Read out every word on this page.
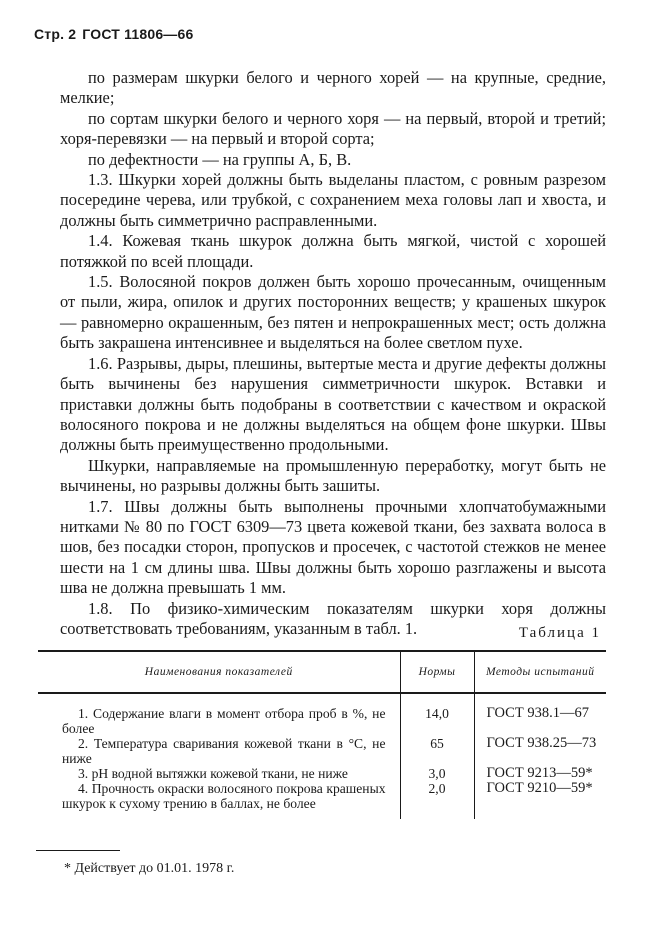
Стр. 2 ГОСТ 11806—66

по размерам шкурки белого и черного хорей — на крупные, средние, мелкие;

по сортам шкурки белого и черного хоря — на первый, второй и третий; хоря-перевязки — на первый и второй сорта;

по дефектности — на группы А, Б, В.

1.3. Шкурки хорей должны быть выделаны пластом, с ровным разрезом посередине черева, или трубкой, с сохранением меха головы лап и хвоста, и должны быть симметрично расправленными.

1.4. Кожевая ткань шкурок должна быть мягкой, чистой с хорошей потяжкой по всей площади.

1.5. Волосяной покров должен быть хорошо прочесанным, очищенным от пыли, жира, опилок и других посторонних веществ; у крашеных шкурок — равномерно окрашенным, без пятен и непрокрашенных мест; ость должна быть закрашена интенсивнее и выделяться на более светлом пухе.

1.6. Разрывы, дыры, плешины, вытертые места и другие дефекты должны быть вычинены без нарушения симметричности шкурок. Вставки и приставки должны быть подобраны в соответствии с качеством и окраской волосяного покрова и не должны выделяться на общем фоне шкурки. Швы должны быть преимущественно продольными.

Шкурки, направляемые на промышленную переработку, могут быть не вычинены, но разрывы должны быть зашиты.

1.7. Швы должны быть выполнены прочными хлопчатобумажными нитками № 80 по ГОСТ 6309—73 цвета кожевой ткани, без захвата волоса в шов, без посадки сторон, пропусков и просечек, с частотой стежков не менее шести на 1 см длины шва. Швы должны быть хорошо разглажены и высота шва не должна превышать 1 мм.

1.8. По физико-химическим показателям шкурки хоря должны соответствовать требованиям, указанным в табл. 1.	Таблица 1
Наименования показателей	Нормы	Методы испытаний

1. Содержание влаги в момент отбора проб в %, не более	14,0	ГОСТ 938.1—67

2. Температура сваривания кожевой ткани в °С, не ниже	65	ГОСТ 938.25—73

3. pH водной вытяжки кожевой ткани, не ниже	3,0	ГОСТ 9213—59*

4. Прочность окраски волосяного покрова крашеных шкурок к сухому трению в баллах, не более	2,0	ГОСТ 9210—59*

* Действует до 01.01. 1978 г.
